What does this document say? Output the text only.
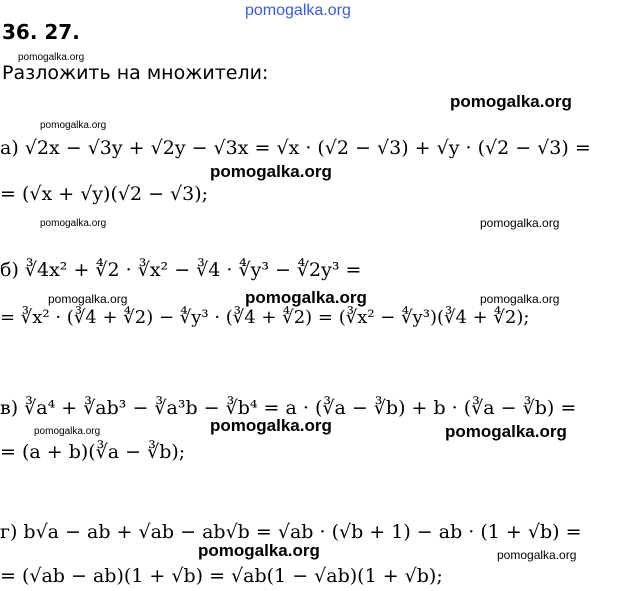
pomogalka.org
36. 27.
pomogalka.org
Разложить на множители:
pomogalka.org
pomogalka.org
а) √2x − √3y + √2y − √3x = √x · (√2 − √3) + √y · (√2 − √3) =
pomogalka.org
= (√x + √y)(√2 − √3);
pomogalka.org	pomogalka.org
б) ∛4x² + ∜2 · ∛x² − ∛4 · ∜y³ − ∜2y³ =
pomogalka.org	pomogalka.org	pomogalka.org
= ∛x² · (∛4 + ∜2) − ∜y³ · (∛4 + ∜2) = (∛x² − ∜y³)(∛4 + ∜2);
в) ∛a⁴ + ∛ab³ − ∛a³b − ∛b⁴ = a · (∛a − ∛b) + b · (∛a − ∛b) =
pomogalka.org	pomogalka.org
pomogalka.org
= (a + b)(∛a − ∛b);
г) b√a − ab + √ab − ab√b = √ab · (√b + 1) − ab · (1 + √b) =
pomogalka.org	pomogalka.org
= (√ab − ab)(1 + √b) = √ab(1 − √ab)(1 + √b);
